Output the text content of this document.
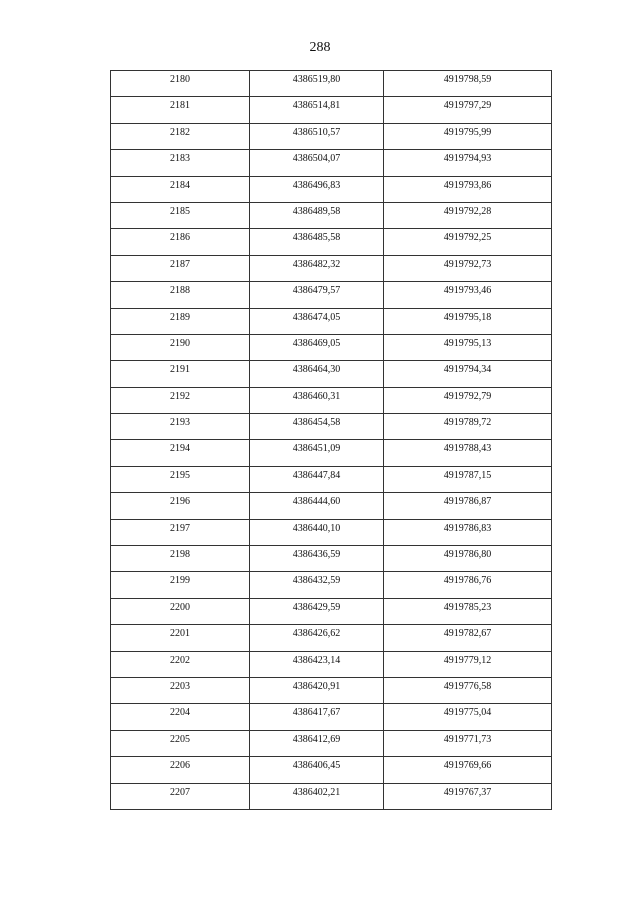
288
2180	4386519,80	4919798,59
2181	4386514,81	4919797,29
2182	4386510,57	4919795,99
2183	4386504,07	4919794,93
2184	4386496,83	4919793,86
2185	4386489,58	4919792,28
2186	4386485,58	4919792,25
2187	4386482,32	4919792,73
2188	4386479,57	4919793,46
2189	4386474,05	4919795,18
2190	4386469,05	4919795,13
2191	4386464,30	4919794,34
2192	4386460,31	4919792,79
2193	4386454,58	4919789,72
2194	4386451,09	4919788,43
2195	4386447,84	4919787,15
2196	4386444,60	4919786,87
2197	4386440,10	4919786,83
2198	4386436,59	4919786,80
2199	4386432,59	4919786,76
2200	4386429,59	4919785,23
2201	4386426,62	4919782,67
2202	4386423,14	4919779,12
2203	4386420,91	4919776,58
2204	4386417,67	4919775,04
2205	4386412,69	4919771,73
2206	4386406,45	4919769,66
2207	4386402,21	4919767,37
